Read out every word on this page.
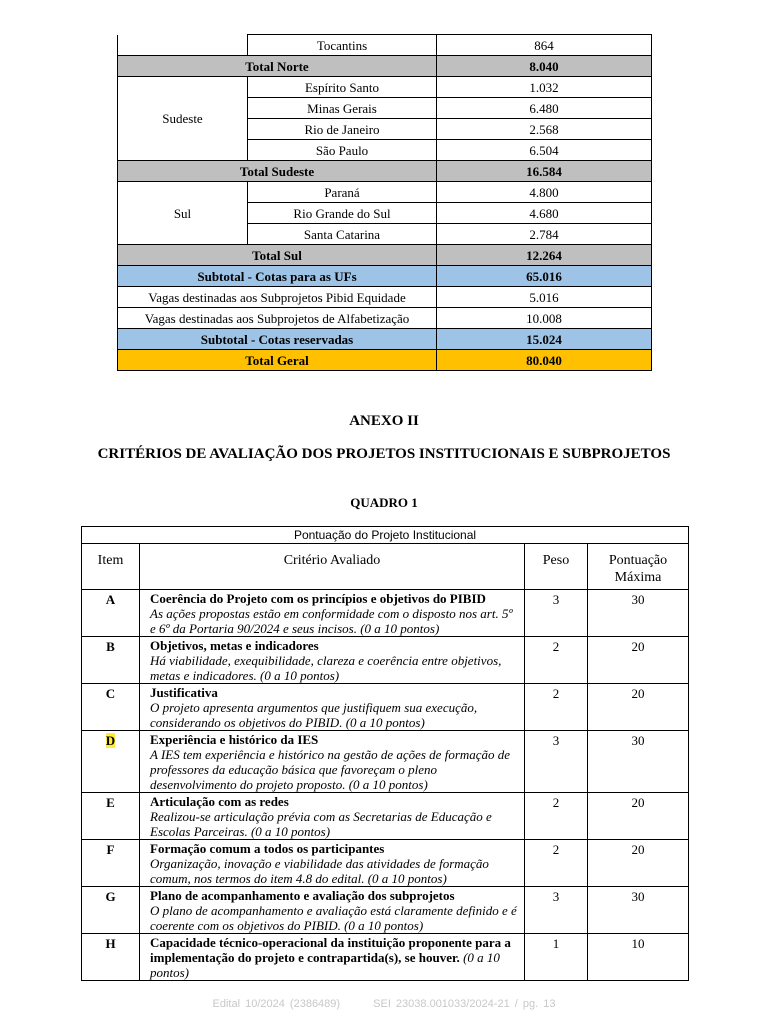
	Tocantins	864
Total Norte		8.040
Sudeste	Espírito Santo	1.032
	Minas Gerais	6.480
	Rio de Janeiro	2.568
	São Paulo	6.504
Total Sudeste		16.584
Sul	Paraná	4.800
	Rio Grande do Sul	4.680
	Santa Catarina	2.784
Total Sul		12.264
Subtotal - Cotas para as UFs		65.016
Vagas destinadas aos Subprojetos Pibid Equidade		5.016
Vagas destinadas aos Subprojetos de Alfabetização		10.008
Subtotal - Cotas reservadas		15.024
Total Geral		80.040
ANEXO II
CRITÉRIOS DE AVALIAÇÃO DOS PROJETOS INSTITUCIONAIS E SUBPROJETOS
QUADRO 1
Pontuação do Projeto Institucional			
Item	Critério Avaliado	Peso	Pontuação Máxima
A	Coerência do Projeto com os princípios e objetivos do PIBID
As ações propostas estão em conformidade com o disposto nos art. 5º e 6º da Portaria 90/2024 e seus incisos. (0 a 10 pontos)	3	30
B	Objetivos, metas e indicadores
Há viabilidade, exequibilidade, clareza e coerência entre objetivos, metas e indicadores. (0 a 10 pontos)	2	20
C	Justificativa
O projeto apresenta argumentos que justifiquem sua execução, considerando os objetivos do PIBID. (0 a 10 pontos)	2	20
D	Experiência e histórico da IES
A IES tem experiência e histórico na gestão de ações de formação de professores da educação básica que favoreçam o pleno desenvolvimento do projeto proposto. (0 a 10 pontos)	3	30
E	Articulação com as redes
Realizou-se articulação prévia com as Secretarias de Educação e Escolas Parceiras. (0 a 10 pontos)	2	20
F	Formação comum a todos os participantes
Organização, inovação e viabilidade das atividades de formação comum, nos termos do item 4.8 do edital. (0 a 10 pontos)	2	20
G	Plano de acompanhamento e avaliação dos subprojetos
O plano de acompanhamento e avaliação está claramente definido e é coerente com os objetivos do PIBID. (0 a 10 pontos)	3	30
H	Capacidade técnico-operacional da instituição proponente para a implementação do projeto e contrapartida(s), se houver. (0 a 10 pontos)	1	10
Edital 10/2024 (2386489)	SEI 23038.001033/2024-21 / pg. 13
